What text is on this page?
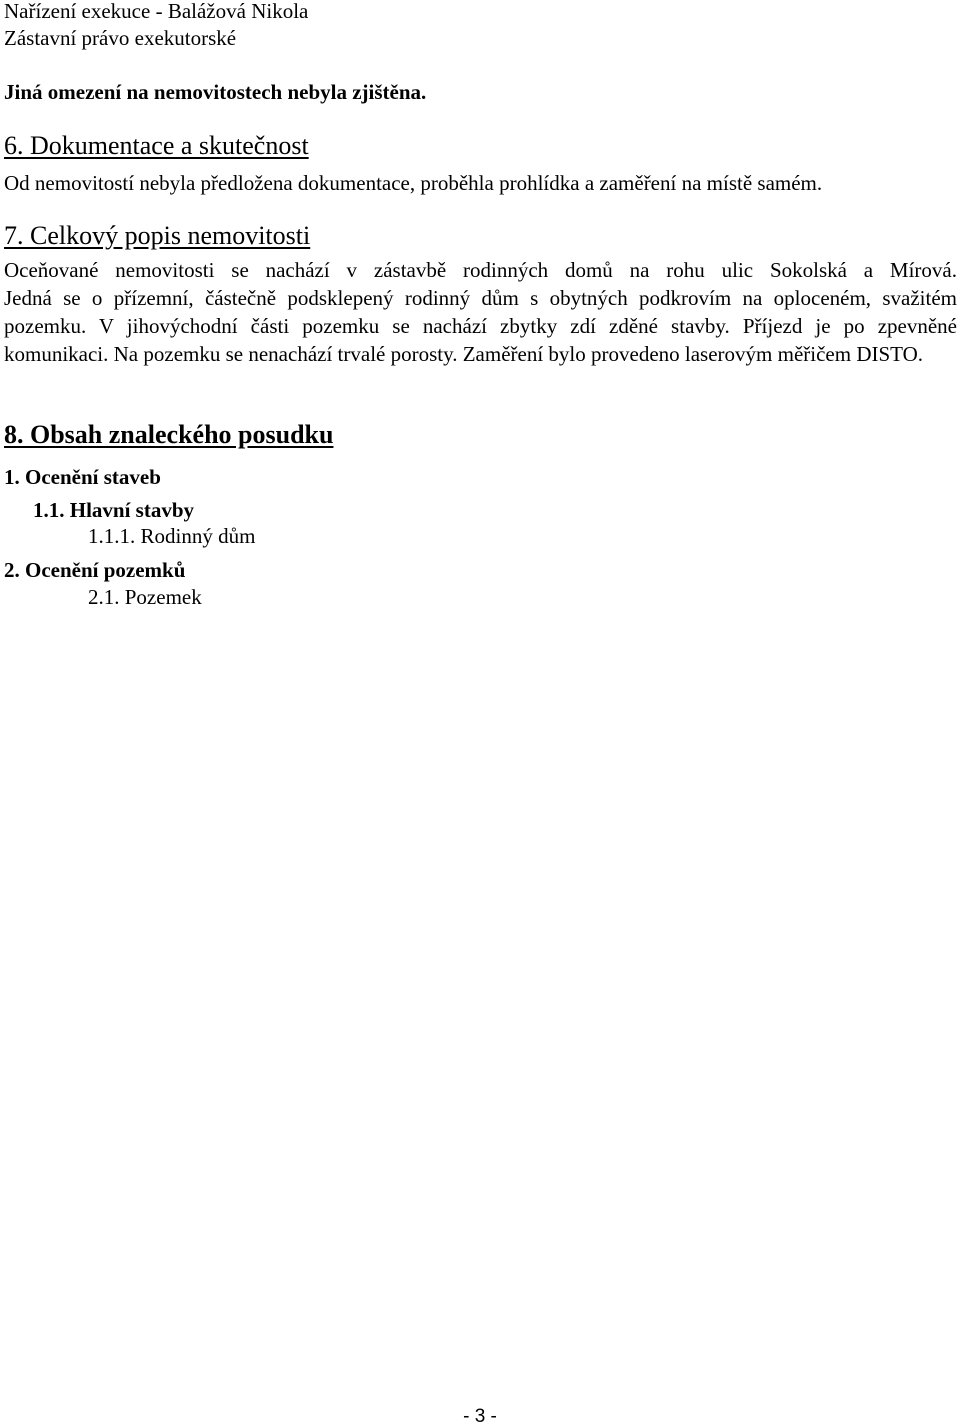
Nařízení exekuce - Balážová Nikola

Zástavní právo exekutorské

Jiná omezení na nemovitostech nebyla zjištěna.

6. Dokumentace a skutečnost

Od nemovitostí nebyla předložena dokumentace, proběhla prohlídka a zaměření na místě samém.

7. Celkový popis nemovitosti

Oceňované nemovitosti se nachází v zástavbě rodinných domů na rohu ulic Sokolská a Mírová.

Jedná se o přízemní, částečně podsklepený rodinný dům s obytných podkrovím na oploceném, svažitém pozemku. V jihovýchodní části pozemku se nachází zbytky zdí zděné stavby. Příjezd je po zpevněné komunikaci. Na pozemku se nenachází trvalé porosty. Zaměření bylo provedeno laserovým měřičem DISTO.

8. Obsah znaleckého posudku

1. Ocenění staveb

1.1. Hlavní stavby

1.1.1. Rodinný dům

2. Ocenění pozemků

2.1. Pozemek

- 3 -
